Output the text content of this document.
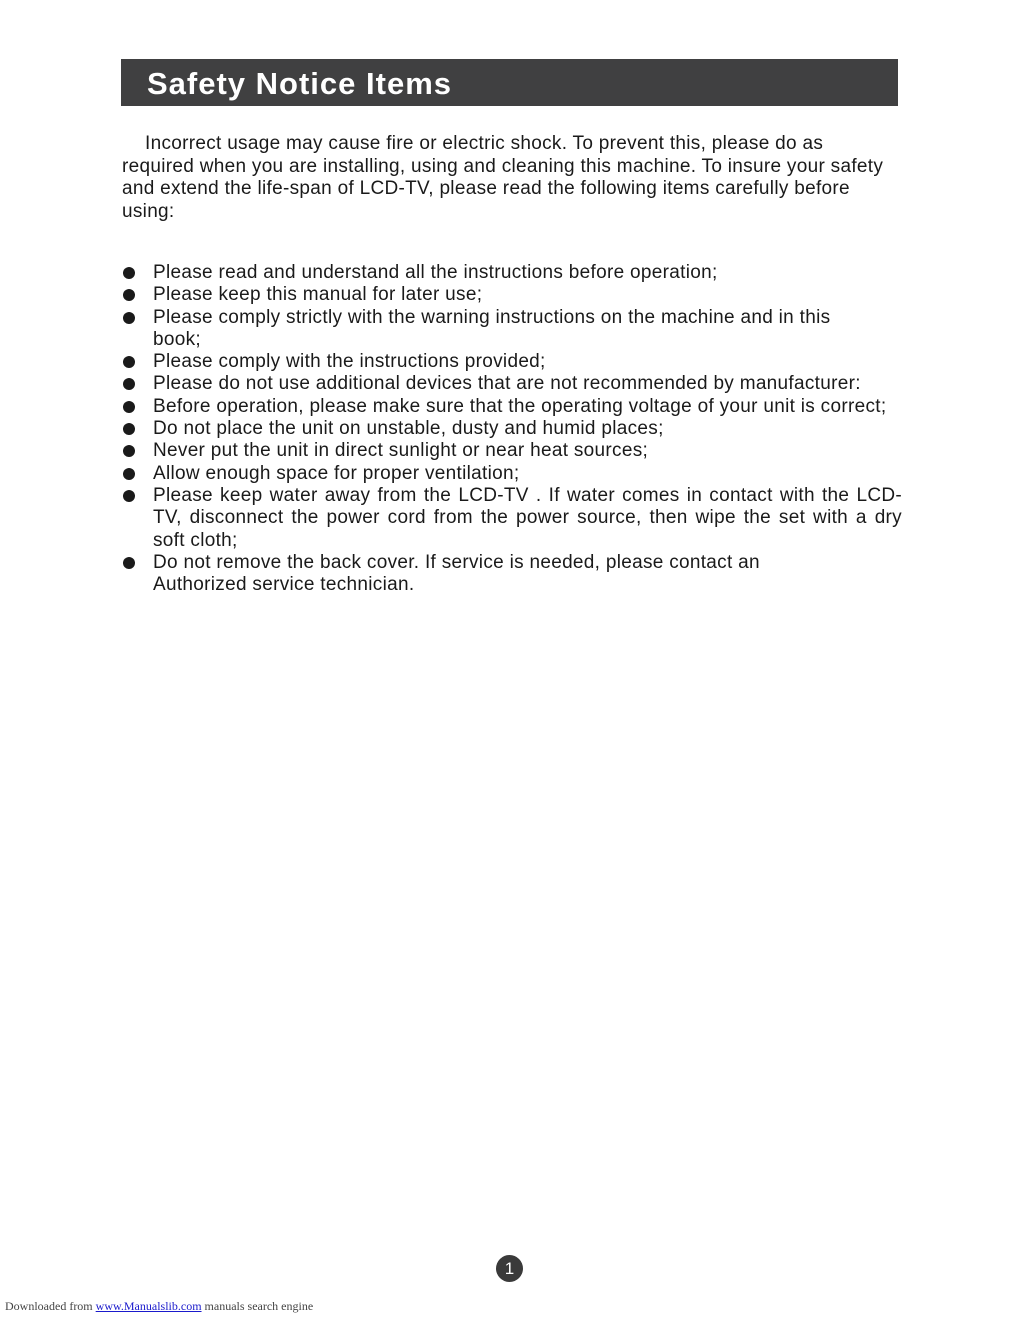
Safety Notice Items

Incorrect usage may cause fire or electric shock. To prevent this, please do as required when you are installing, using and cleaning this machine. To insure your safety and extend the life-span of LCD-TV, please read the following items carefully before using:

Please read and understand all the instructions before operation;
Please keep this manual for later use;
Please comply strictly with the warning instructions on the machine and in this book;
Please comply with the instructions provided;
Please do not use additional devices that are not recommended by manufacturer:
Before operation, please make sure that the operating voltage of your unit is correct;
Do not place the unit on unstable, dusty and humid places;
Never put the unit in direct sunlight or near heat sources;
Allow enough space for proper ventilation;
Please keep water away from the LCD-TV . If water comes in contact with the LCD-TV, disconnect the power cord from the power source, then wipe the set with a dry soft cloth;
Do not remove the back cover. If service is needed, please contact an Authorized service technician.
1
Downloaded from www.Manualslib.com manuals search engine
